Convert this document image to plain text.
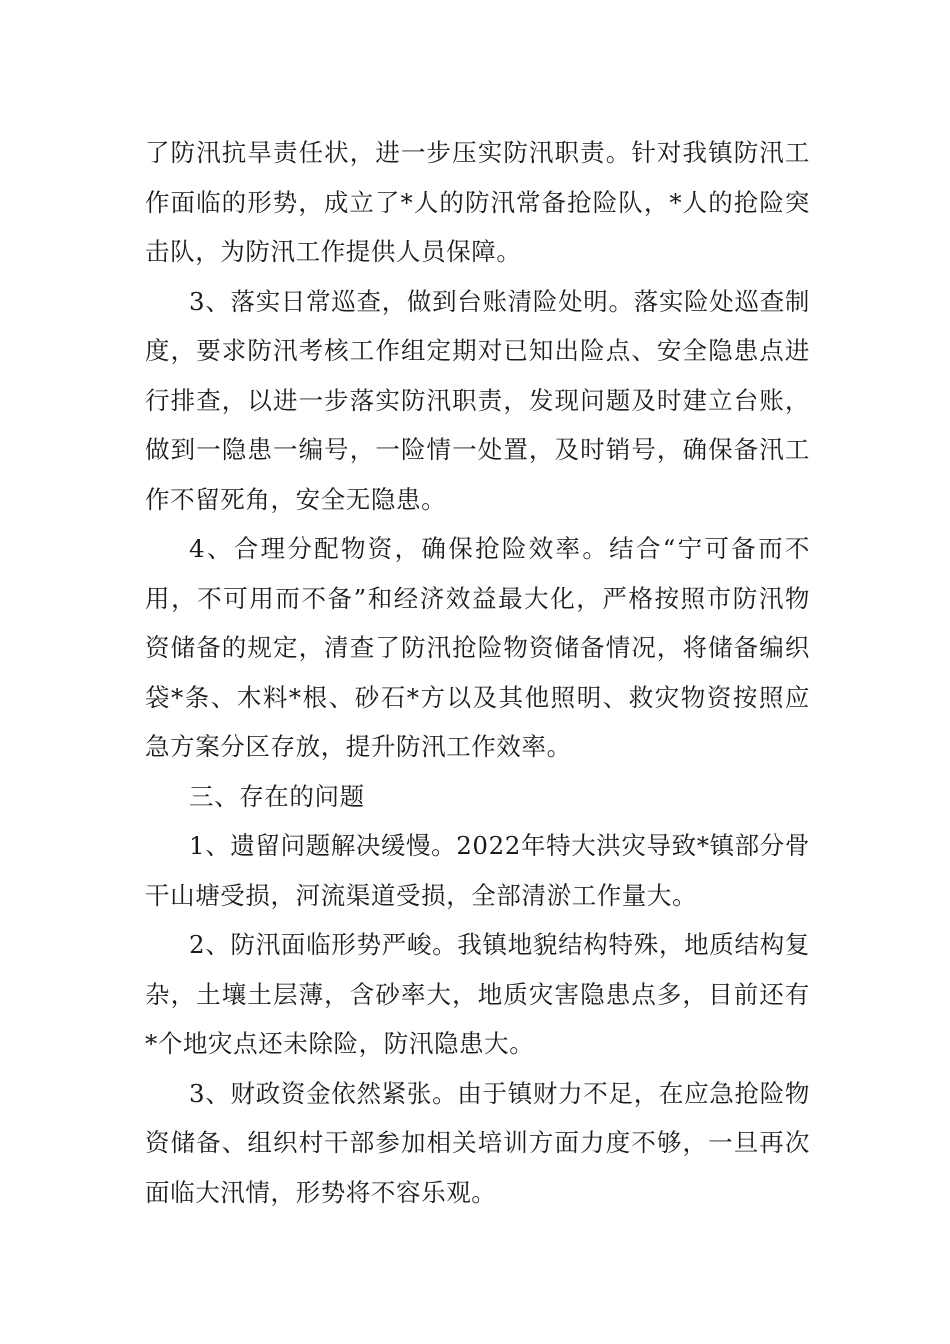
了防汛抗旱责任状，进一步压实防汛职责。针对我镇防汛工作面临的形势，成立了*人的防汛常备抢险队，*人的抢险突击队，为防汛工作提供人员保障。

3、落实日常巡查，做到台账清险处明。落实险处巡查制度，要求防汛考核工作组定期对已知出险点、安全隐患点进行排查，以进一步落实防汛职责，发现问题及时建立台账，做到一隐患一编号，一险情一处置，及时销号，确保备汛工作不留死角，安全无隐患。

4、合理分配物资，确保抢险效率。结合“宁可备而不用，不可用而不备”和经济效益最大化，严格按照市防汛物资储备的规定，清查了防汛抢险物资储备情况，将储备编织袋*条、木料*根、砂石*方以及其他照明、救灾物资按照应急方案分区存放，提升防汛工作效率。

三、存在的问题

1、遗留问题解决缓慢。2022年特大洪灾导致*镇部分骨干山塘受损，河流渠道受损，全部清淤工作量大。

2、防汛面临形势严峻。我镇地貌结构特殊，地质结构复杂，土壤土层薄，含砂率大，地质灾害隐患点多，目前还有*个地灾点还未除险，防汛隐患大。

3、财政资金依然紧张。由于镇财力不足，在应急抢险物资储备、组织村干部参加相关培训方面力度不够，一旦再次面临大汛情，形势将不容乐观。
